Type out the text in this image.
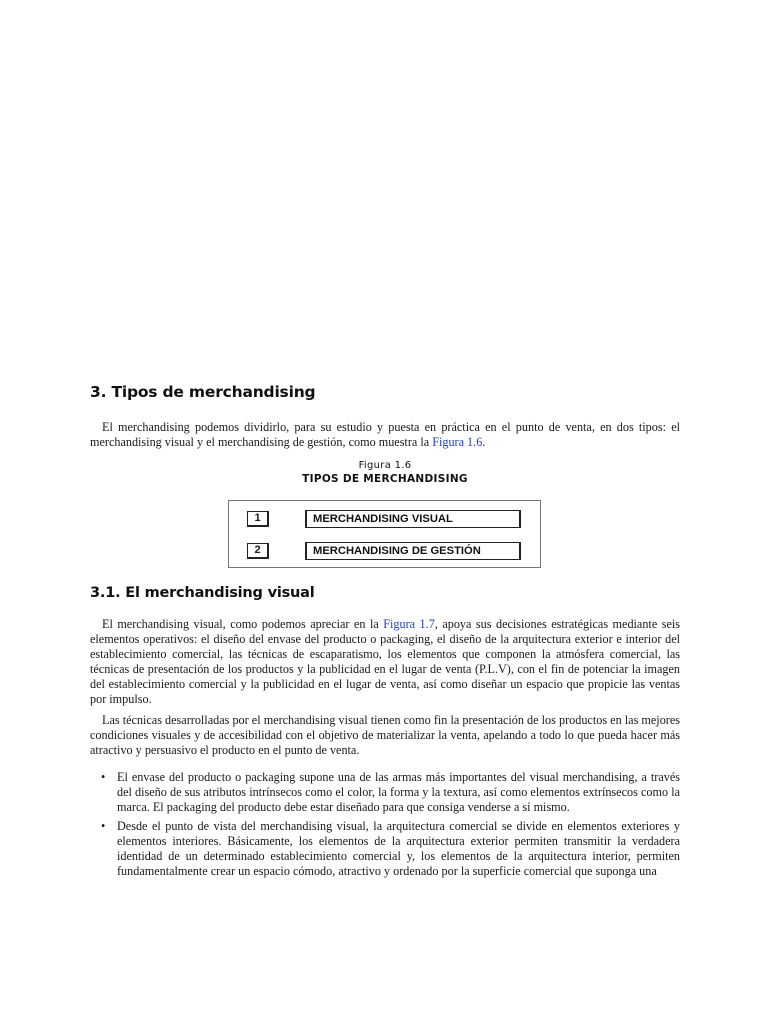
3. Tipos de merchandising

El merchandising podemos dividirlo, para su estudio y puesta en práctica en el punto de venta, en dos tipos: el merchandising visual y el merchandising de gestión, como muestra la Figura 1.6.

Figura 1.6
TIPOS DE MERCHANDISING
1	MERCHANDISING VISUAL
2	MERCHANDISING DE GESTIÓN
3.1. El merchandising visual

El merchandising visual, como podemos apreciar en la Figura 1.7, apoya sus decisiones estratégicas mediante seis elementos operativos: el diseño del envase del producto o packaging, el diseño de la arquitectura exterior e interior del establecimiento comercial, las técnicas de escaparatismo, los elementos que componen la atmósfera comercial, las técnicas de presentación de los productos y la publicidad en el lugar de venta (P.L.V), con el fin de potenciar la imagen del establecimiento comercial y la publicidad en el lugar de venta, así como diseñar un espacio que propicie las ventas por impulso.

Las técnicas desarrolladas por el merchandising visual tienen como fin la presentación de los productos en las mejores condiciones visuales y de accesibilidad con el objetivo de materializar la venta, apelando a todo lo que pueda hacer más atractivo y persuasivo el producto en el punto de venta.

• El envase del producto o packaging supone una de las armas más importantes del visual merchandising, a través del diseño de sus atributos intrínsecos como el color, la forma y la textura, así como elementos extrínsecos como la marca. El packaging del producto debe estar diseñado para que consiga venderse a sí mismo.
• Desde el punto de vista del merchandising visual, la arquitectura comercial se divide en elementos exteriores y elementos interiores. Básicamente, los elementos de la arquitectura exterior permiten transmitir la verdadera identidad de un determinado establecimiento comercial y, los elementos de la arquitectura interior, permiten fundamentalmente crear un espacio cómodo, atractivo y ordenado por la superficie comercial que suponga una
